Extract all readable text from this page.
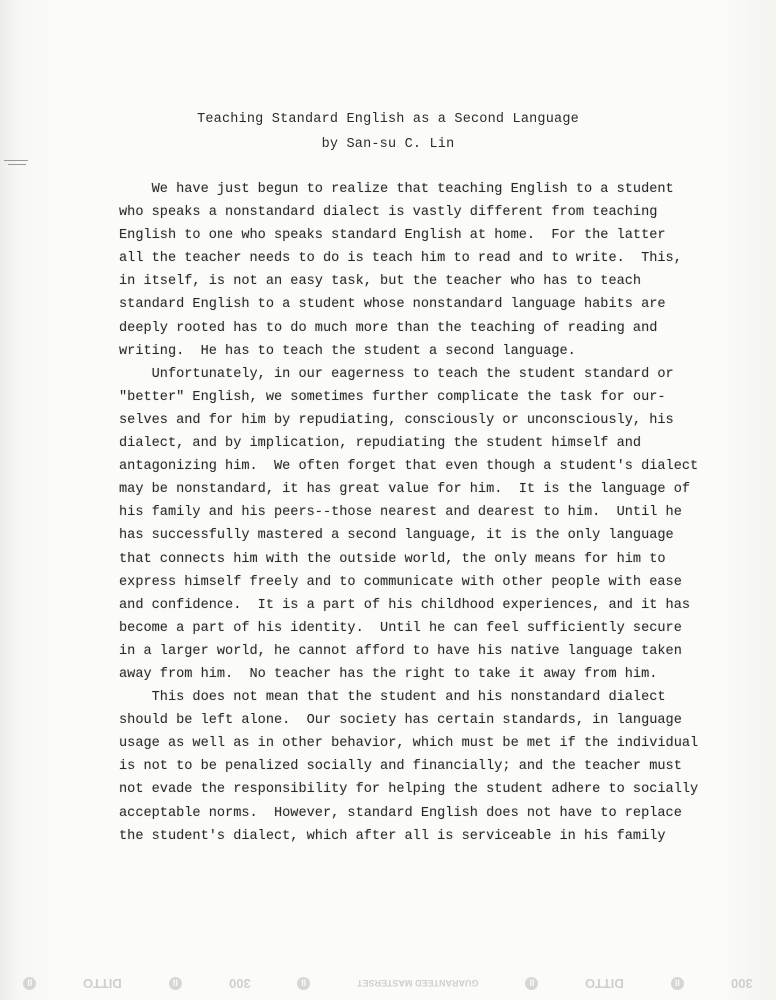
Teaching Standard English as a Second Language
by San-su C. Lin
We have just begun to realize that teaching English to a student
who speaks a nonstandard dialect is vastly different from teaching
English to one who speaks standard English at home.  For the latter
all the teacher needs to do is teach him to read and to write.  This,
in itself, is not an easy task, but the teacher who has to teach
standard English to a student whose nonstandard language habits are
deeply rooted has to do much more than the teaching of reading and
writing.  He has to teach the student a second language.
Unfortunately, in our eagerness to teach the student standard or
"better" English, we sometimes further complicate the task for our-
selves and for him by repudiating, consciously or unconsciously, his
dialect, and by implication, repudiating the student himself and
antagonizing him.  We often forget that even though a student's dialect
may be nonstandard, it has great value for him.  It is the language of
his family and his peers--those nearest and dearest to him.  Until he
has successfully mastered a second language, it is the only language
that connects him with the outside world, the only means for him to
express himself freely and to communicate with other people with ease
and confidence.  It is a part of his childhood experiences, and it has
become a part of his identity.  Until he can feel sufficiently secure
in a larger world, he cannot afford to have his native language taken
away from him.  No teacher has the right to take it away from him.
This does not mean that the student and his nonstandard dialect
should be left alone.  Our society has certain standards, in language
usage as well as in other behavior, which must be met if the individual
is not to be penalized socially and financially; and the teacher must
not evade the responsibility for helping the student adhere to socially
acceptable norms.  However, standard English does not have to replace
the student's dialect, which after all is serviceable in his family
II	DITTO	II	300	II	GUARANTEED MASTERSET	II	DITTO	II	300
